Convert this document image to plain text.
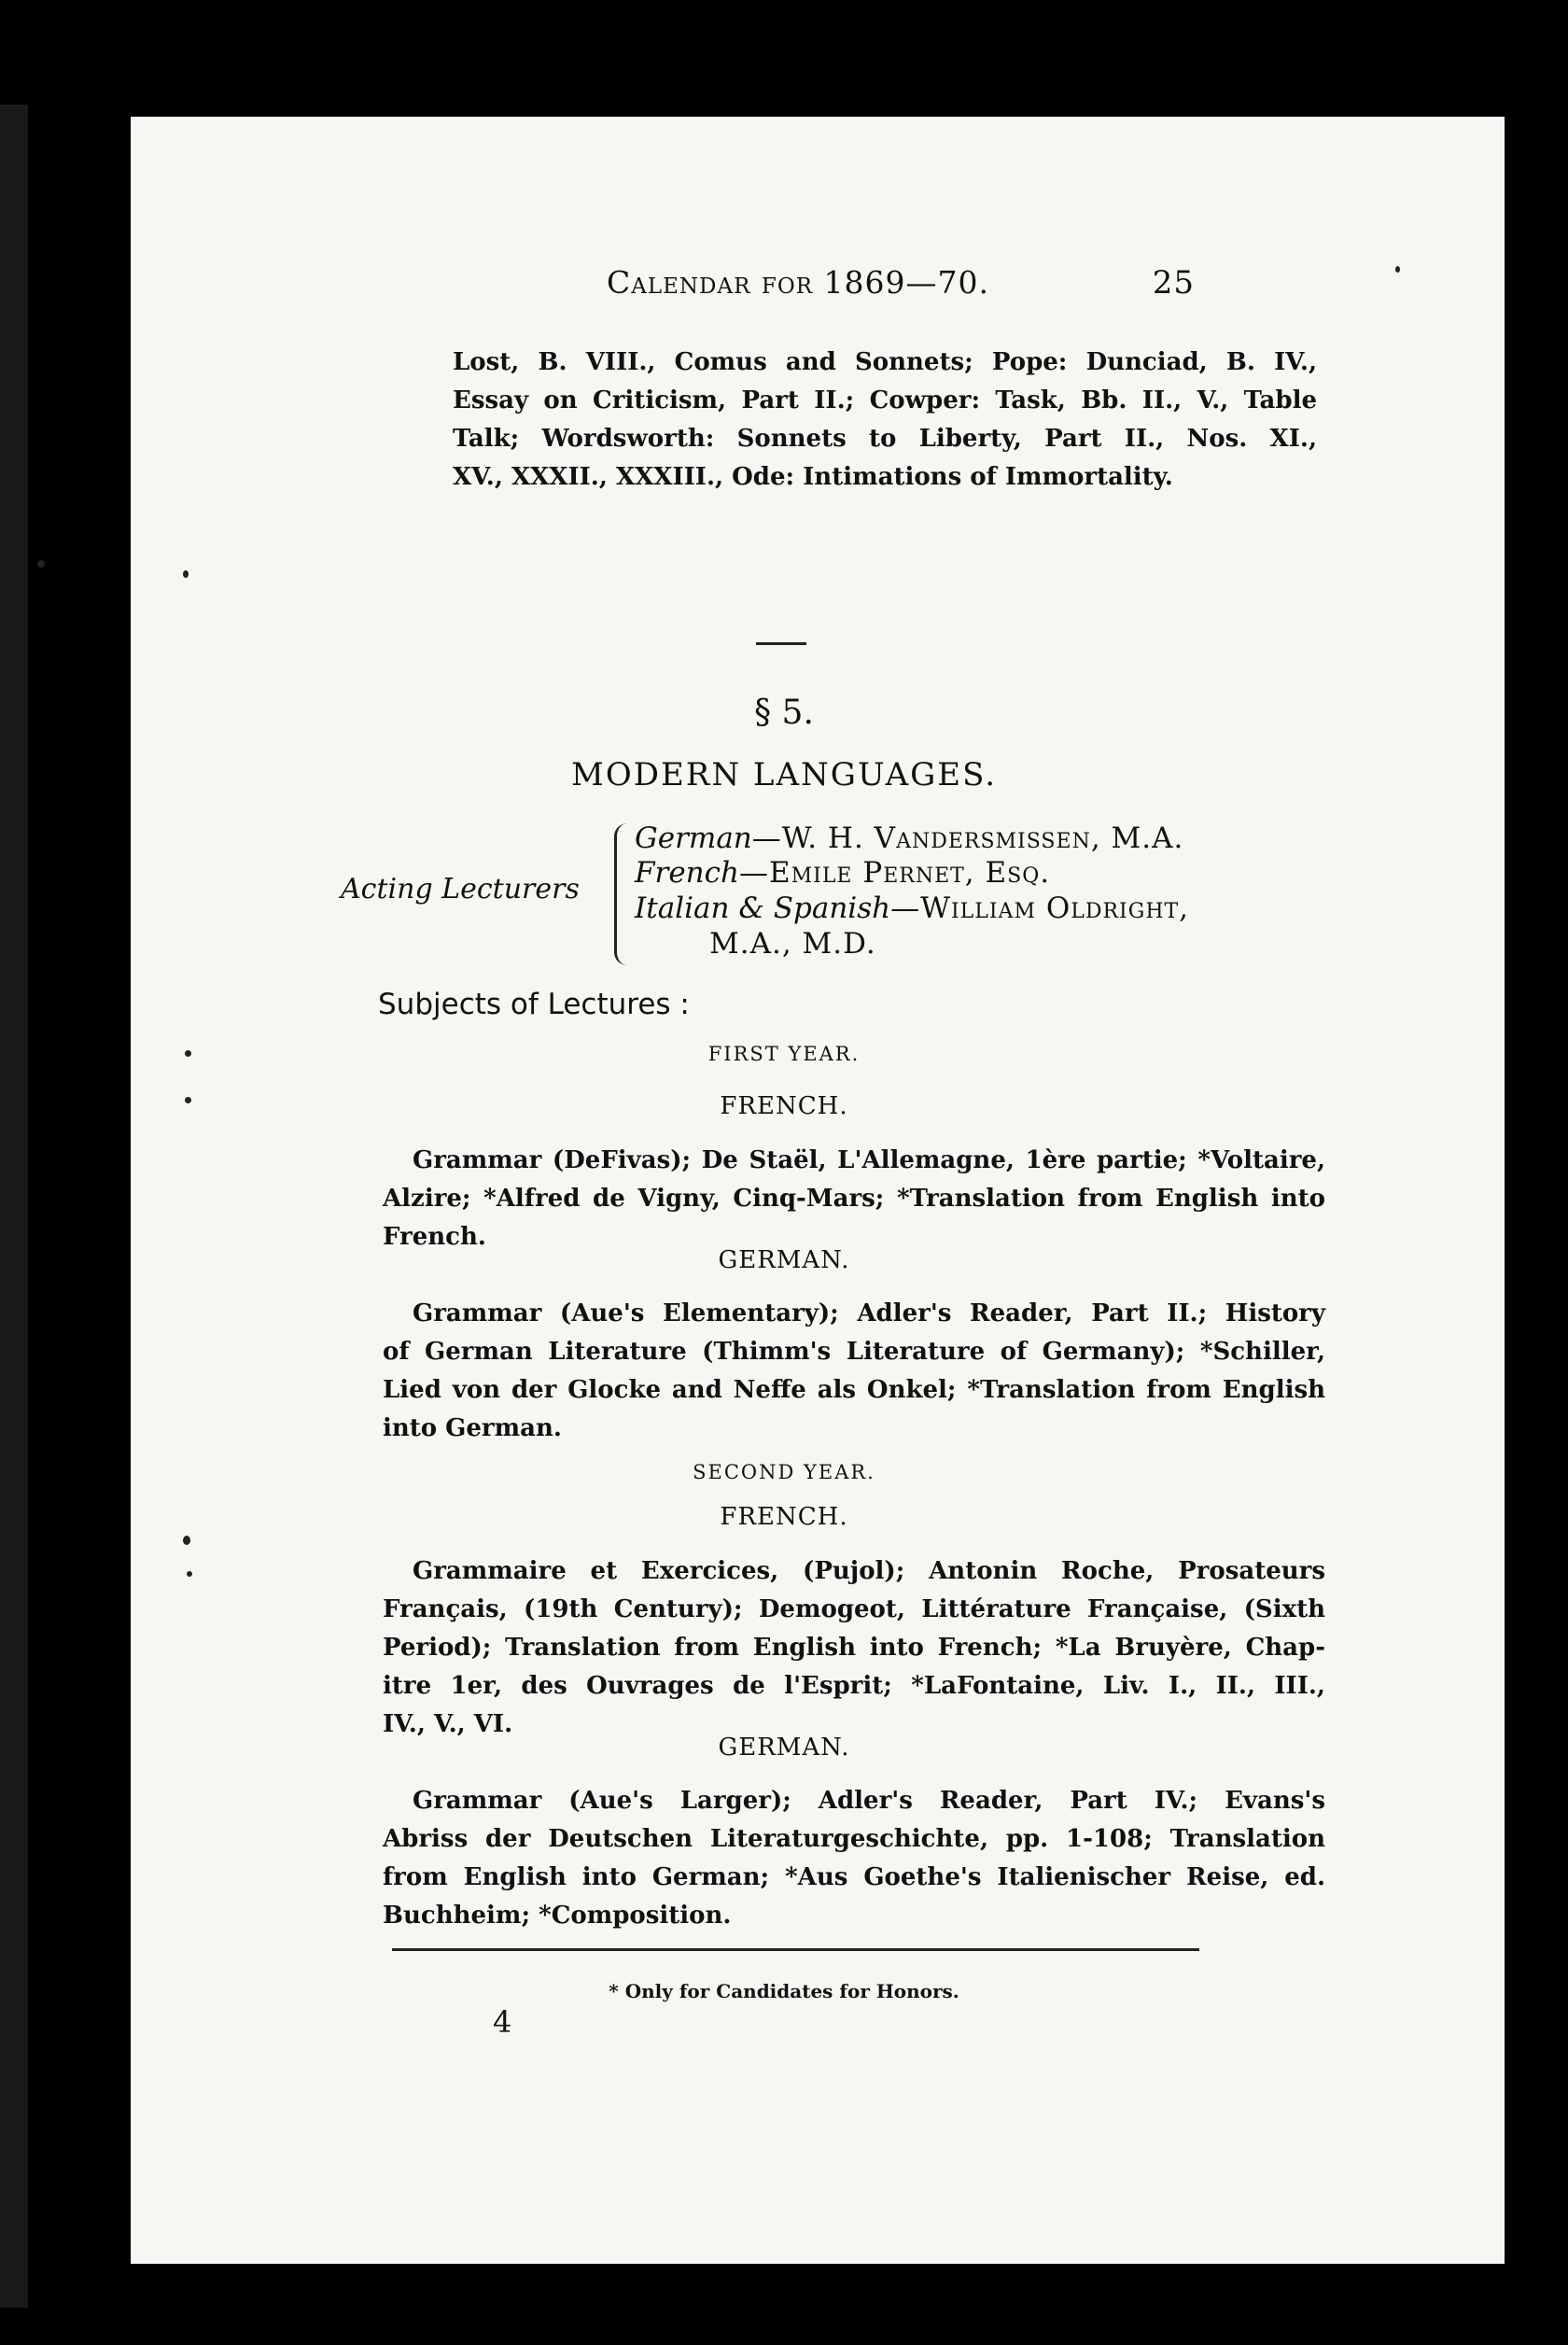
Calendar for 1869—70.	25
Lost, B. VIII., Comus and Sonnets; Pope: Dunciad, B. IV.,
Essay on Criticism, Part II.; Cowper: Task, Bb. II., V., Table
Talk; Wordsworth: Sonnets to Liberty, Part II., Nos. XI.,
XV., XXXII., XXXIII., Ode: Intimations of Immortality.
§ 5.
MODERN LANGUAGES.
Acting Lecturers
German—W. H. Vandersmissen, M.A.
French—Emile Pernet, Esq.
Italian & Spanish—William Oldright,
M.A., M.D.
Subjects of Lectures :
FIRST YEAR.
FRENCH.
Grammar (DeFivas); De Staël, L'Allemagne, 1ère partie; *Voltaire,
Alzire; *Alfred de Vigny, Cinq-Mars; *Translation from English into
French.
GERMAN.
Grammar (Aue's Elementary); Adler's Reader, Part II.; History
of German Literature (Thimm's Literature of Germany); *Schiller,
Lied von der Glocke and Neffe als Onkel; *Translation from English
into German.
SECOND YEAR.
FRENCH.
Grammaire et Exercices, (Pujol); Antonin Roche, Prosateurs
Français, (19th Century); Demogeot, Littérature Française, (Sixth
Period); Translation from English into French; *La Bruyère, Chap-
itre 1er, des Ouvrages de l'Esprit; *LaFontaine, Liv. I., II., III.,
IV., V., VI.
GERMAN.
Grammar (Aue's Larger); Adler's Reader, Part IV.; Evans's
Abriss der Deutschen Literaturgeschichte, pp. 1-108; Translation
from English into German; *Aus Goethe's Italienischer Reise, ed.
Buchheim; *Composition.
* Only for Candidates for Honors.
4
